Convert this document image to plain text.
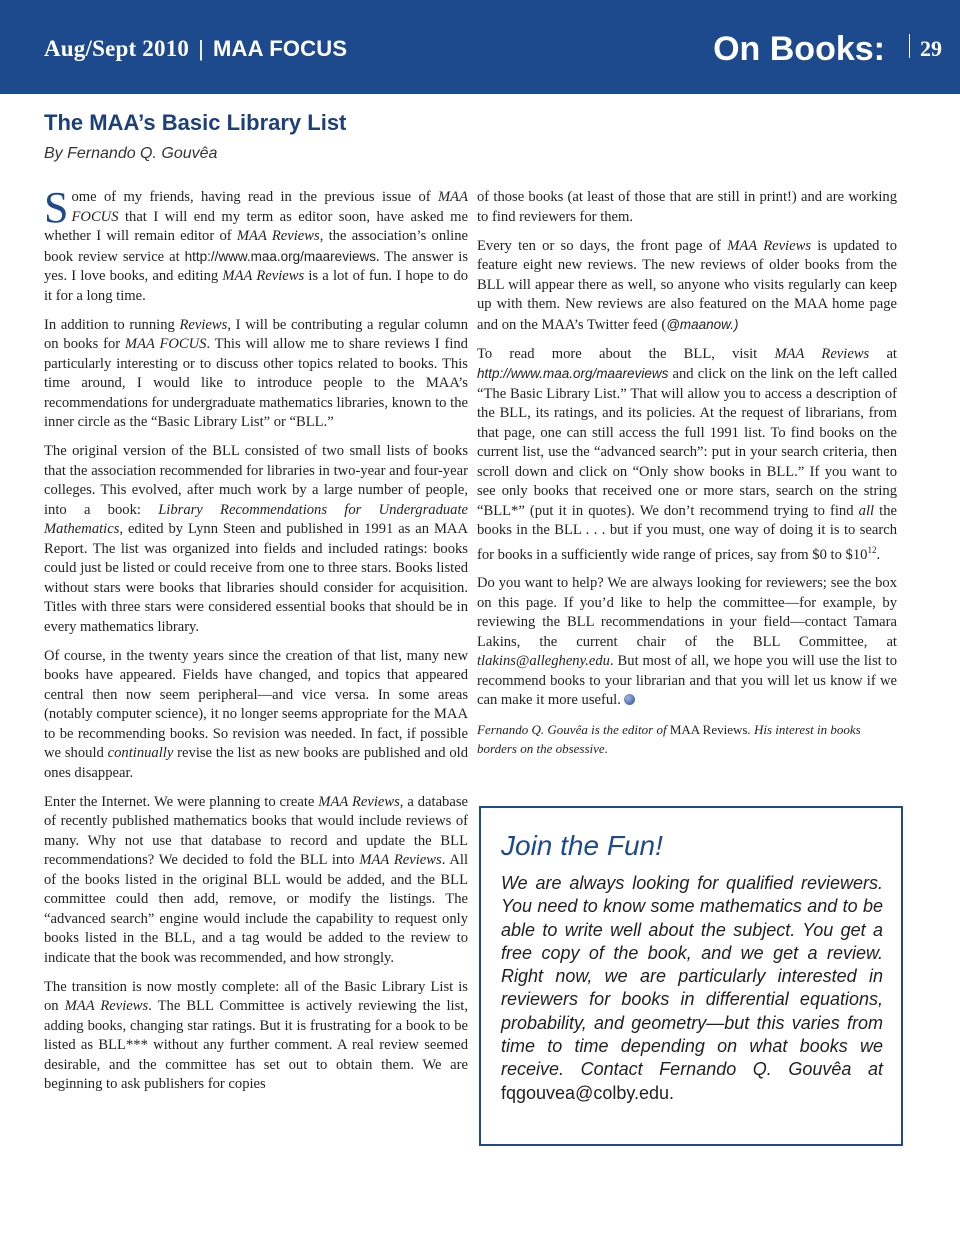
Aug/Sept 2010 | MAA FOCUS	On Books: 29
The MAA’s Basic Library List
By Fernando Q. Gouvêa

Some of my friends, having read in the previous issue of MAA FOCUS that I will end my term as editor soon, have asked me whether I will remain editor of MAA Reviews, the association’s online book review service at http://www.maa.org/maareviews. The answer is yes. I love books, and editing MAA Reviews is a lot of fun. I hope to do it for a long time.

In addition to running Reviews, I will be contributing a regular column on books for MAA FOCUS. This will allow me to share reviews I find particularly interesting or to discuss other topics related to books. This time around, I would like to introduce people to the MAA’s recommendations for undergraduate mathematics libraries, known to the inner circle as the “Basic Library List” or “BLL.”

The original version of the BLL consisted of two small lists of books that the association recommended for libraries in two-year and four-year colleges. This evolved, after much work by a large number of people, into a book: Library Recommendations for Undergraduate Mathematics, edited by Lynn Steen and published in 1991 as an MAA Report. The list was organized into fields and included ratings: books could just be listed or could receive from one to three stars. Books listed without stars were books that libraries should consider for acquisition. Titles with three stars were considered essential books that should be in every mathematics library.

Of course, in the twenty years since the creation of that list, many new books have appeared. Fields have changed, and topics that appeared central then now seem peripheral—and vice versa. In some areas (notably computer science), it no longer seems appropriate for the MAA to be recommending books. So revision was needed. In fact, if possible we should continually revise the list as new books are published and old ones disappear.

Enter the Internet. We were planning to create MAA Reviews, a database of recently published mathematics books that would include reviews of many. Why not use that database to record and update the BLL recommendations? We decided to fold the BLL into MAA Reviews. All of the books listed in the original BLL would be added, and the BLL committee could then add, remove, or modify the listings. The “advanced search” engine would include the capability to request only books listed in the BLL, and a tag would be added to the review to indicate that the book was recommended, and how strongly.

The transition is now mostly complete: all of the Basic Library List is on MAA Reviews. The BLL Committee is actively reviewing the list, adding books, changing star ratings. But it is frustrating for a book to be listed as BLL*** without any further comment. A real review seemed desirable, and the committee has set out to obtain them. We are beginning to ask publishers for copies

of those books (at least of those that are still in print!) and are working to find reviewers for them.

Every ten or so days, the front page of MAA Reviews is updated to feature eight new reviews. The new reviews of older books from the BLL will appear there as well, so anyone who visits regularly can keep up with them. New reviews are also featured on the MAA home page and on the MAA’s Twitter feed (@maanow.)

To read more about the BLL, visit MAA Reviews at http://www.maa.org/maareviews and click on the link on the left called “The Basic Library List.” That will allow you to access a description of the BLL, its ratings, and its policies. At the request of librarians, from that page, one can still access the full 1991 list. To find books on the current list, use the “advanced search”: put in your search criteria, then scroll down and click on “Only show books in BLL.” If you want to see only books that received one or more stars, search on the string “BLL*” (put it in quotes). We don’t recommend trying to find all the books in the BLL . . . but if you must, one way of doing it is to search for books in a sufficiently wide range of prices, say from $0 to $\$10^{12}$.

Do you want to help? We are always looking for reviewers; see the box on this page. If you’d like to help the committee—for example, by reviewing the BLL recommendations in your field—contact Tamara Lakins, the current chair of the BLL Committee, at tlakins@allegheny.edu. But most of all, we hope you will use the list to recommend books to your librarian and that you will let us know if we can make it more useful.

Fernando Q. Gouvêa is the editor of MAA Reviews. His interest in books borders on the obsessive.

Join the Fun!

We are always looking for qualified reviewers. You need to know some mathematics and to be able to write well about the subject. You get a free copy of the book, and we get a review. Right now, we are particularly interested in reviewers for books in differential equations, probability, and geometry—but this varies from time to time depending on what books we receive. Contact Fernando Q. Gouvêa at fqgouvea@colby.edu.
